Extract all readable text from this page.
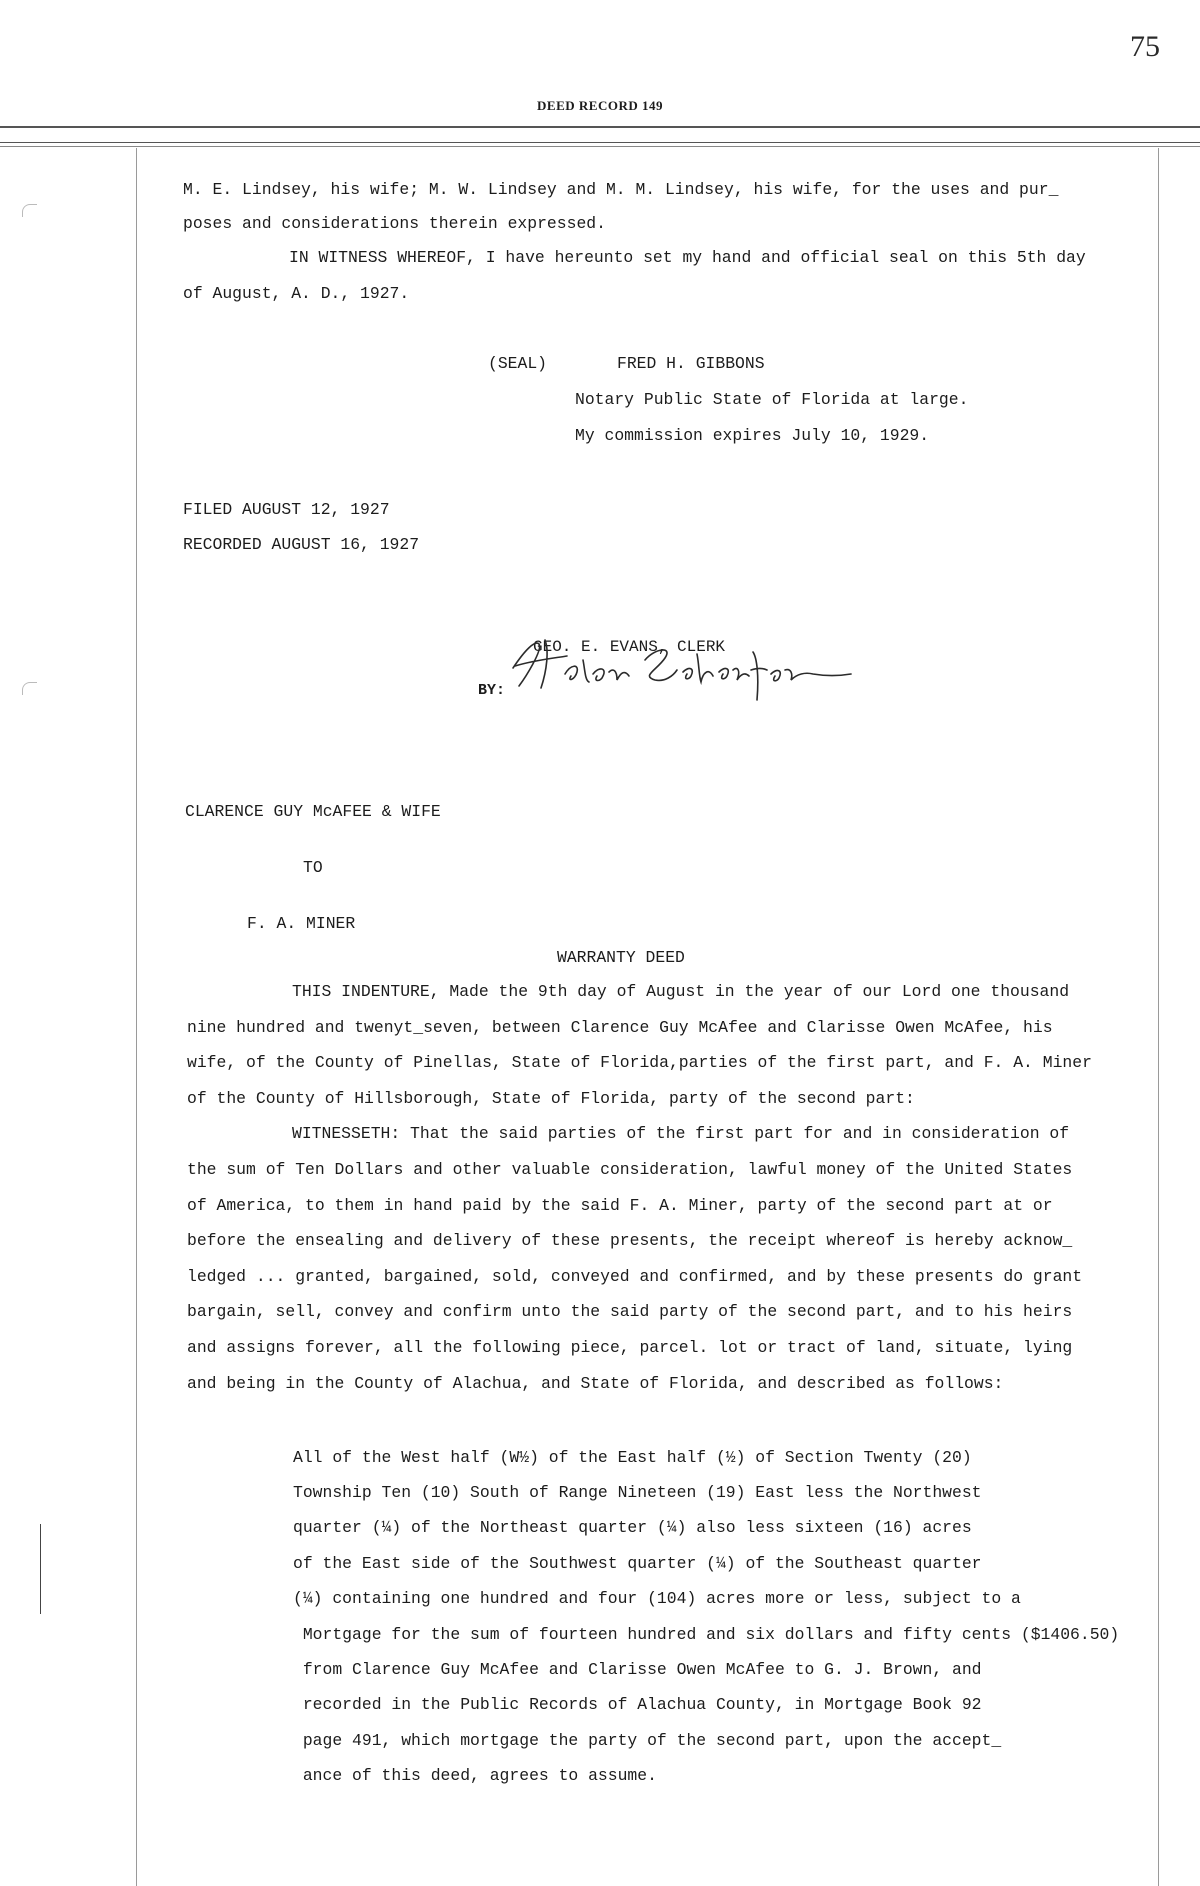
75
DEED RECORD 149
M. E. Lindsey, his wife; M. W. Lindsey and M. M. Lindsey, his wife, for the uses and pur_
poses and considerations therein expressed.
IN WITNESS WHEREOF, I have hereunto set my hand and official seal on this 5th day
of August, A. D., 1927.
(SEAL)	FRED H. GIBBONS
Notary Public State of Florida at large.
My commission expires July 10, 1929.
FILED AUGUST 12, 1927
RECORDED AUGUST 16, 1927
GEO. E. EVANS, CLERK
BY:
CLARENCE GUY McAFEE & WIFE
TO
F. A. MINER
WARRANTY DEED
THIS INDENTURE, Made the 9th day of August in the year of our Lord one thousand
nine hundred and twenyt_seven, between Clarence Guy McAfee and Clarisse Owen McAfee, his
wife, of the County of Pinellas, State of Florida,parties of the first part, and F. A. Miner
of the County of Hillsborough, State of Florida, party of the second part:
WITNESSETH: That the said parties of the first part for and in consideration of
the sum of Ten Dollars and other valuable consideration, lawful money of the United States
of America, to them in hand paid by the said F. A. Miner, party of the second part at or
before the ensealing and delivery of these presents, the receipt whereof is hereby acknow_
ledged ... granted, bargained, sold, conveyed and confirmed, and by these presents do grant
bargain, sell, convey and confirm unto the said party of the second part, and to his heirs
and assigns forever, all the following piece, parcel. lot or tract of land, situate, lying
and being in the County of Alachua, and State of Florida, and described as follows:
All of the West half (W½) of the East half (½) of Section Twenty (20)
Township Ten (10) South of Range Nineteen (19) East less the Northwest
quarter (¼) of the Northeast quarter (¼) also less sixteen (16) acres
of the East side of the Southwest quarter (¼) of the Southeast quarter
(¼) containing one hundred and four (104) acres more or less, subject to a
Mortgage for the sum of fourteen hundred and six dollars and fifty cents ($1406.50)
from Clarence Guy McAfee and Clarisse Owen McAfee to G. J. Brown, and
recorded in the Public Records of Alachua County, in Mortgage Book 92
page 491, which mortgage the party of the second part, upon the accept_
ance of this deed, agrees to assume.
